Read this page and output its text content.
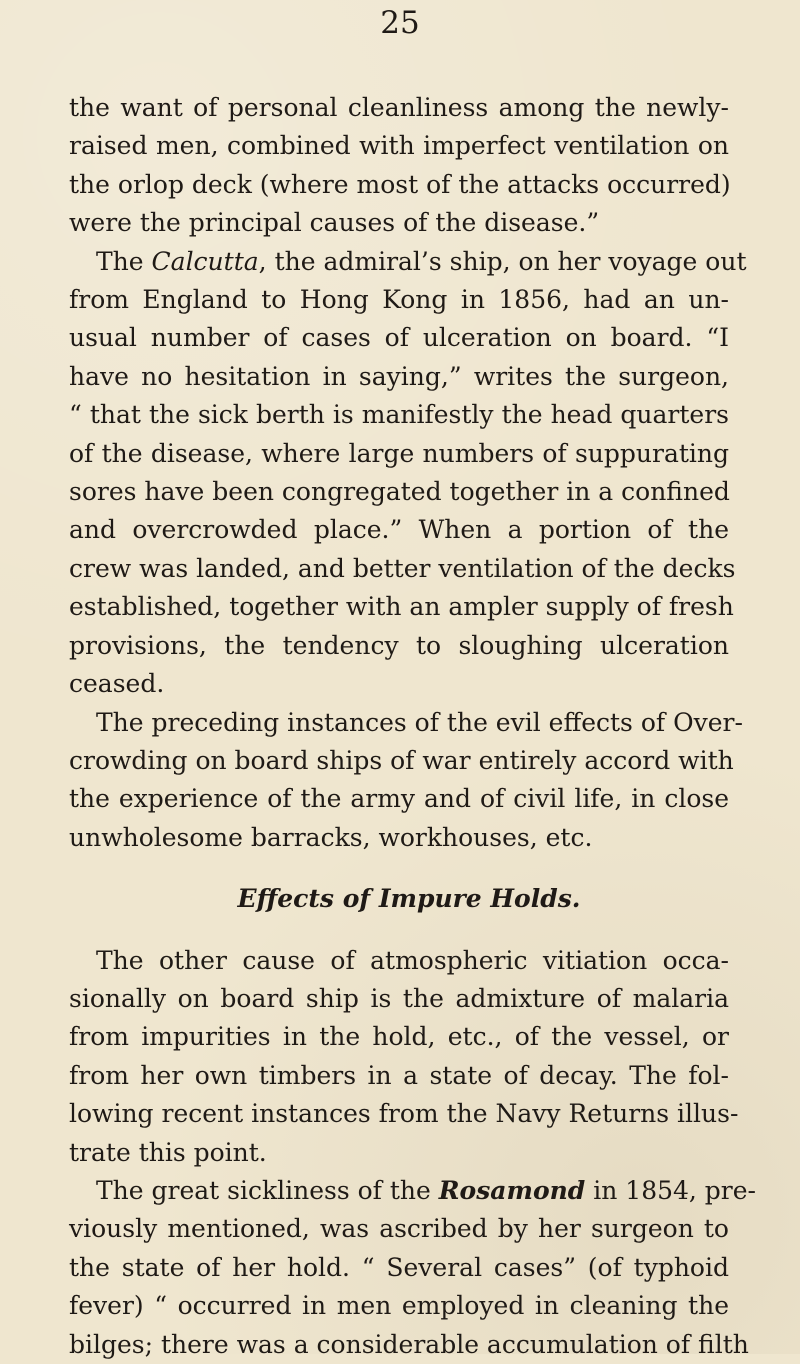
25
the want of personal cleanliness among the newly-
raised men, combined with imperfect ventilation on
the orlop deck (where most of the attacks occurred)
were the principal causes of the disease.”
The Calcutta, the admiral’s ship, on her voyage out
from England to Hong Kong in 1856, had an un-
usual number of cases of ulceration on board. “I
have no hesitation in saying,” writes the surgeon,
“ that the sick berth is manifestly the head quarters
of the disease, where large numbers of suppurating
sores have been congregated together in a confined
and overcrowded place.” When a portion of the
crew was landed, and better ventilation of the decks
established, together with an ampler supply of fresh
provisions, the tendency to sloughing ulceration
ceased.
The preceding instances of the evil effects of Over-
crowding on board ships of war entirely accord with
the experience of the army and of civil life, in close
unwholesome barracks, workhouses, etc.
Effects of Impure Holds.
The other cause of atmospheric vitiation occa-
sionally on board ship is the admixture of malaria
from impurities in the hold, etc., of the vessel, or
from her own timbers in a state of decay. The fol-
lowing recent instances from the Navy Returns illus-
trate this point.
The great sickliness of the Rosamond in 1854, pre-
viously mentioned, was ascribed by her surgeon to
the state of her hold. “ Several cases” (of typhoid
fever) “ occurred in men employed in cleaning the
bilges; there was a considerable accumulation of filth
